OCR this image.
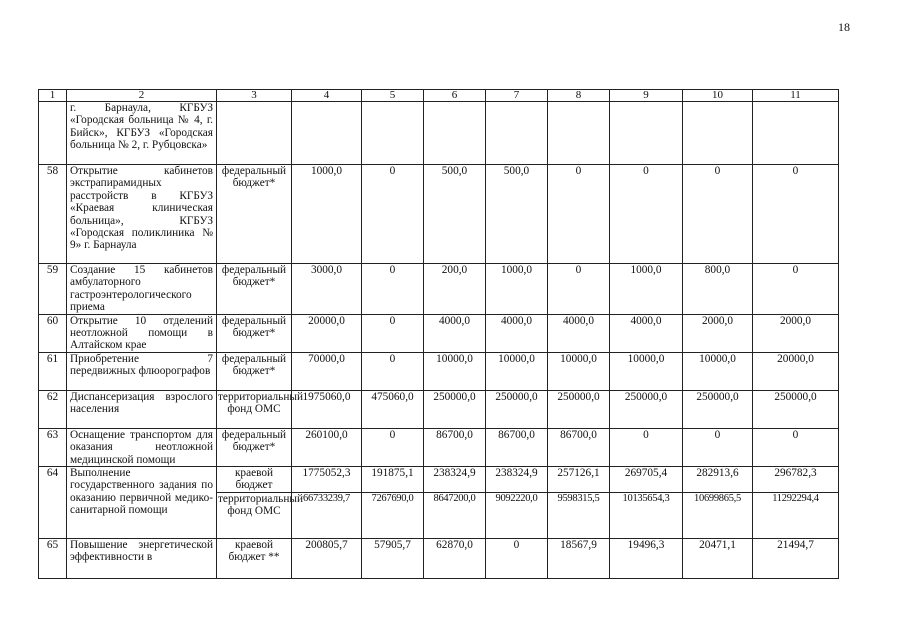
18
1	2	3	4	5	6	7	8	9	10	11
	г. Барнаула, КГБУЗ «Городская больница № 4, г. Бийск», КГБУЗ «Городская больница № 2, г. Рубцовска»									
58	Открытие кабинетов экстрапирамидных расстройств в КГБУЗ «Краевая клиническая больница», КГБУЗ «Городская поликлиника № 9» г. Барнаула	федеральный бюджет*	1000,0	0	500,0	500,0	0	0	0	0
59	Создание 15 кабинетов амбулаторного гастроэнтерологического приема	федеральный бюджет*	3000,0	0	200,0	1000,0	0	1000,0	800,0	0
60	Открытие 10 отделений неотложной помощи в Алтайском крае	федеральный бюджет*	20000,0	0	4000,0	4000,0	4000,0	4000,0	2000,0	2000,0
61	Приобретение 7 передвижных флюорографов	федеральный бюджет*	70000,0	0	10000,0	10000,0	10000,0	10000,0	10000,0	20000,0
62	Диспансеризация взрослого населения	территориальный фонд ОМС	1975060,0	475060,0	250000,0	250000,0	250000,0	250000,0	250000,0	250000,0
63	Оснащение транспортом для оказания неотложной медицинской помощи	федеральный бюджет*	260100,0	0	86700,0	86700,0	86700,0	0	0	0
64	Выполнение государственного задания по оказанию первичной медико-санитарной помощи	краевой бюджет	1775052,3	191875,1	238324,9	238324,9	257126,1	269705,4	282913,6	296782,3
		территориальный фонд ОМС	66733239,7	7267690,0	8647200,0	9092220,0	9598315,5	10135654,3	10699865,5	11292294,4
65	Повышение энергетической эффективности в	краевой бюджет **	200805,7	57905,7	62870,0	0	18567,9	19496,3	20471,1	21494,7
